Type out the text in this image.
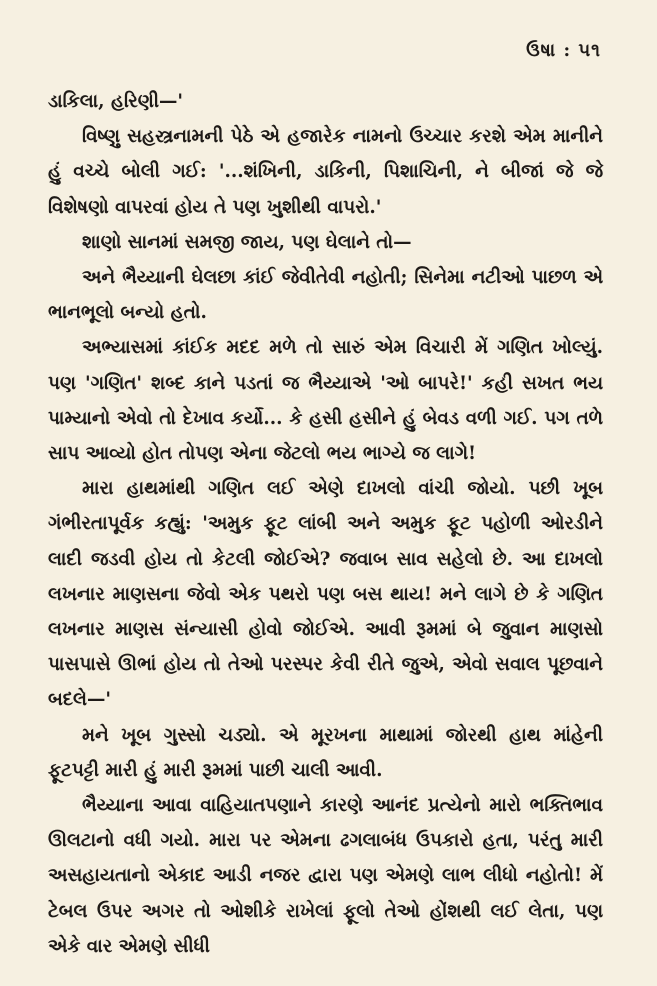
ઉષા : ૫૧

ડાકિલા, હરિણી—'

વિષ્ણુ સહસ્ત્રનામની પેઠે એ હજારેક નામનો ઉચ્ચાર કરશે એમ માનીને હું વચ્ચે બોલી ગઈ: '...શંખિની, ડાકિની, પિશાચિની, ને બીજાં જે જે વિશેષણો વાપરવાં હોય તે પણ ખુશીથી વાપરો.'

શાણો સાનમાં સમજી જાય, પણ ઘેલાને તો—

અને ભૈય્યાની ઘેલછા કાંઈ જેવીતેવી નહોતી; સિનેમા નટીઓ પાછળ એ ભાનભૂલો બન્યો હતો.

અભ્યાસમાં કાંઈક મદદ મળે તો સારું એમ વિચારી મેં ગણિત ખોલ્યું. પણ 'ગણિત' શબ્દ કાને પડતાં જ ભૈય્યાએ 'ઓ બાપરે!' કહી સખત ભય પામ્યાનો એવો તો દેખાવ કર્યો... કે હસી હસીને હું બેવડ વળી ગઈ. પગ તળે સાપ આવ્યો હોત તોપણ એના જેટલો ભય ભાગ્યે જ લાગે!

મારા હાથમાંથી ગણિત લઈ એણે દાખલો વાંચી જોયો. પછી ખૂબ ગંભીરતાપૂર્વક કહ્યું: 'અમુક ફૂટ લાંબી અને અમુક ફૂટ પહોળી ઓરડીને લાદી જડવી હોય તો કેટલી જોઈએ? જવાબ સાવ સહેલો છે. આ દાખલો લખનાર માણસના જેવો એક પથરો પણ બસ થાય! મને લાગે છે કે ગણિત લખનાર માણસ સંન્યાસી હોવો જોઈએ. આવી રૂમમાં બે જુવાન માણસો પાસપાસે ઊભાં હોય તો તેઓ પરસ્પર કેવી રીતે જુએ, એવો સવાલ પૂછવાને બદલે—'

મને ખૂબ ગુસ્સો ચડ્યો. એ મૂરખના માથામાં જોરથી હાથ માંહેની ફૂટપટ્ટી મારી હું મારી રૂમમાં પાછી ચાલી આવી.

ભૈય્યાના આવા વાહિયાતપણાને કારણે આનંદ પ્રત્યેનો મારો ભક્તિભાવ ઊલટાનો વધી ગયો. મારા પર એમના ઢગલાબંધ ઉપકારો હતા, પરંતુ મારી અસહાયતાનો એકાદ આડી નજર દ્વારા પણ એમણે લાભ લીધો નહોતો! મેં ટેબલ ઉપર અગર તો ઓશીકે રાખેલાં ફૂલો તેઓ હોંશથી લઈ લેતા, પણ એકે વાર એમણે સીધી
